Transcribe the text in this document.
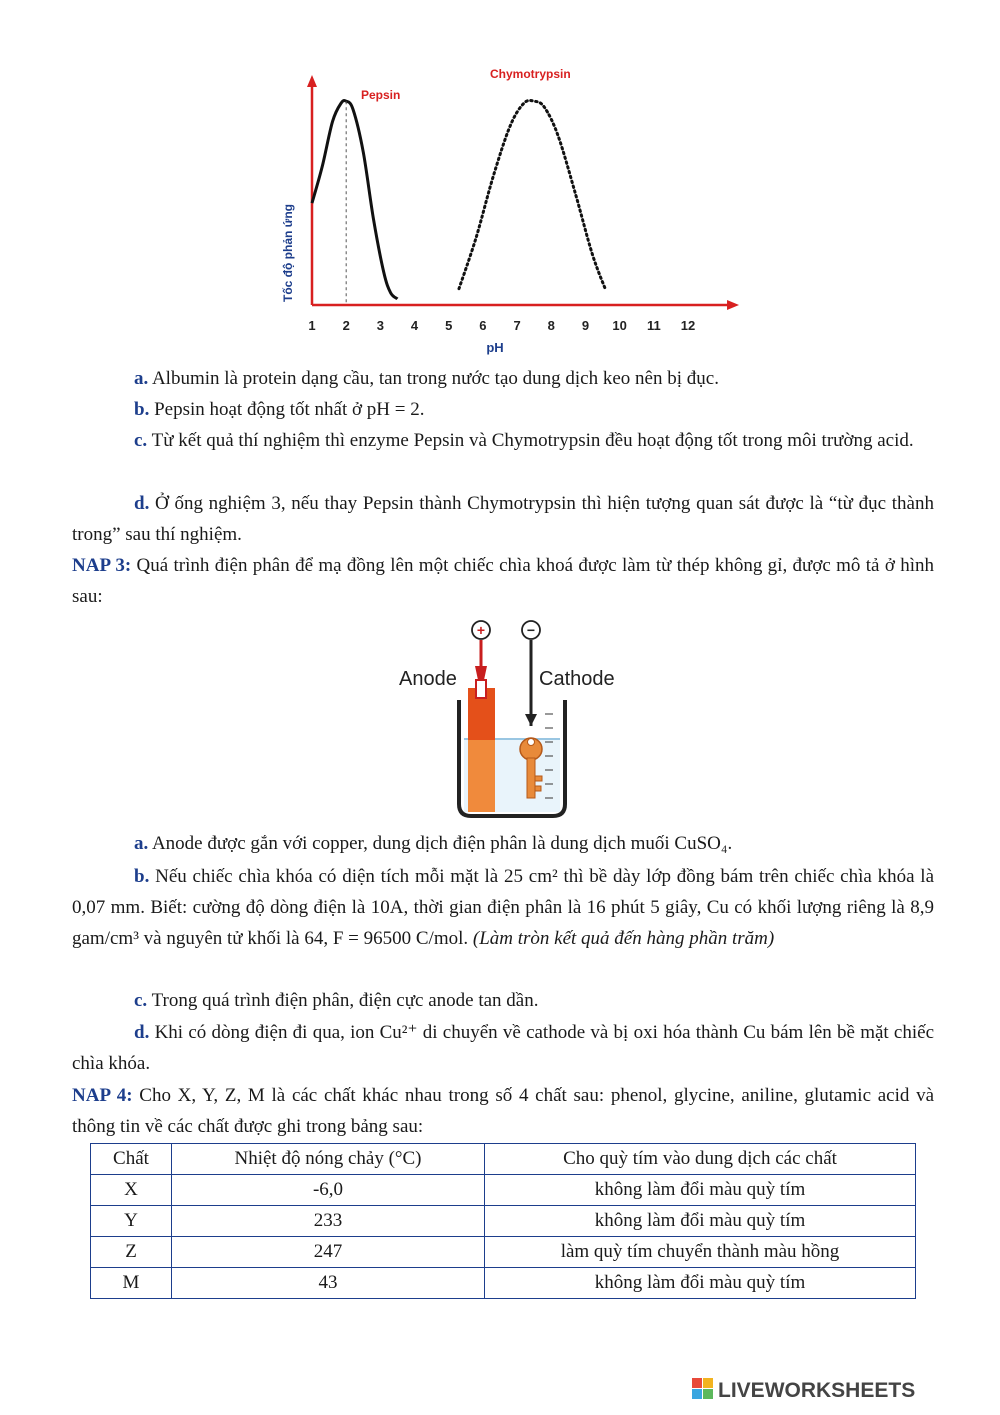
1 2 3 4 5 6 7 8 9 10 11 12
Tốc độ phản ứng
pH
Pepsin
Chymotrypsin
a. Albumin là protein dạng cầu, tan trong nước tạo dung dịch keo nên bị đục.
b. Pepsin hoạt động tốt nhất ở pH = 2.
c. Từ kết quả thí nghiệm thì enzyme Pepsin và Chymotrypsin đều hoạt động tốt trong môi trường acid.
d. Ở ống nghiệm 3, nếu thay Pepsin thành Chymotrypsin thì hiện tượng quan sát được là “từ đục thành trong” sau thí nghiệm.
NAP 3: Quá trình điện phân để mạ đồng lên một chiếc chìa khoá được làm từ thép không gỉ, được mô tả ở hình sau:
+	−
Anode	Cathode
a. Anode được gắn với copper, dung dịch điện phân là dung dịch muối CuSO₄.
b. Nếu chiếc chìa khóa có diện tích mỗi mặt là 25 cm² thì bề dày lớp đồng bám trên chiếc chìa khóa là 0,07 mm. Biết: cường độ dòng điện là 10A, thời gian điện phân là 16 phút 5 giây, Cu có khối lượng riêng là 8,9 gam/cm³ và nguyên tử khối là 64, F = 96500 C/mol. (Làm tròn kết quả đến hàng phần trăm)
c. Trong quá trình điện phân, điện cực anode tan dần.
d. Khi có dòng điện đi qua, ion Cu²⁺ di chuyển về cathode và bị oxi hóa thành Cu bám lên bề mặt chiếc chìa khóa.
NAP 4: Cho X, Y, Z, M là các chất khác nhau trong số 4 chất sau: phenol, glycine, aniline, glutamic acid và thông tin về các chất được ghi trong bảng sau:
Chất	Nhiệt độ nóng chảy (°C)	Cho quỳ tím vào dung dịch các chất
X	-6,0	không làm đổi màu quỳ tím
Y	233	không làm đổi màu quỳ tím
Z	247	làm quỳ tím chuyển thành màu hồng
M	43	không làm đổi màu quỳ tím
LIVEWORKSHEETS
